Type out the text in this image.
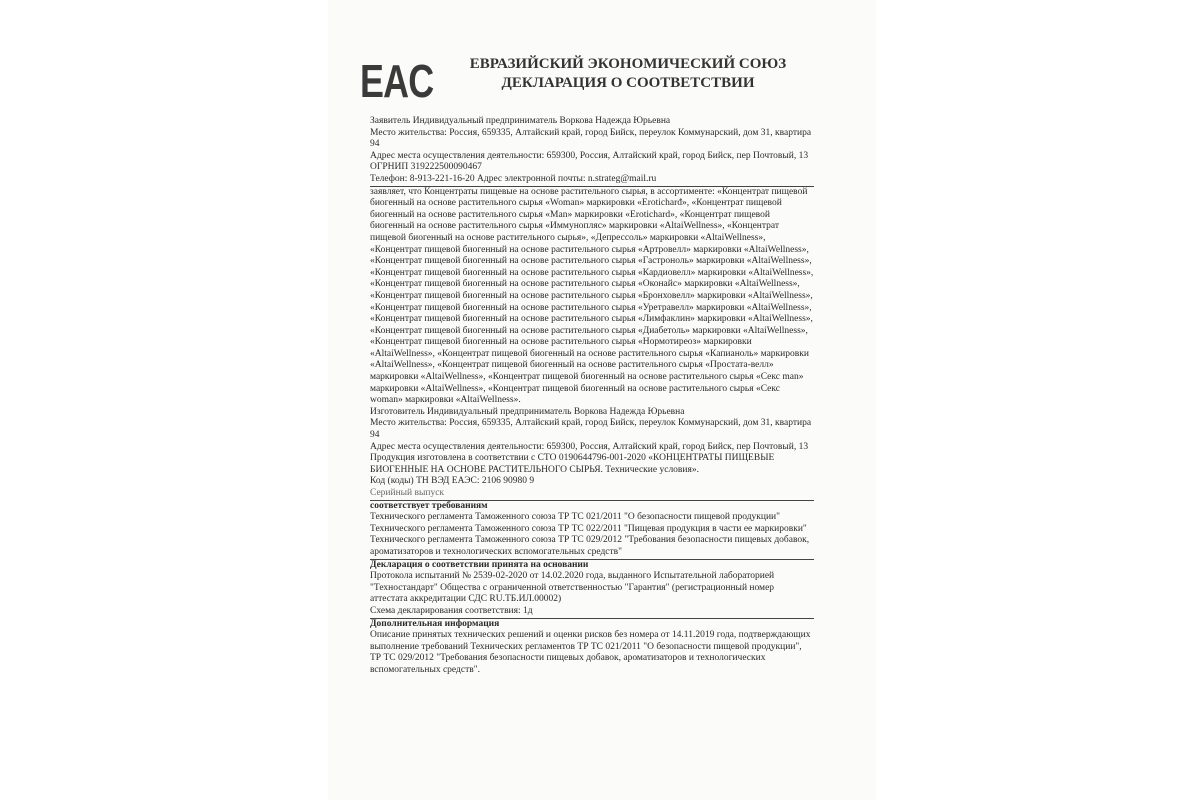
EAC	ЕВРАЗИЙСКИЙ ЭКОНОМИЧЕСКИЙ СОЮЗ
ДЕКЛАРАЦИЯ О СООТВЕТСТВИИ

Заявитель Индивидуальный предприниматель Воркова Надежда Юрьевна

Место жительства: Россия, 659335, Алтайский край, город Бийск, переулок Коммунарский, дом 31, квартира 94

Адрес места осуществления деятельности: 659300, Россия, Алтайский край, город Бийск, пер Почтовый, 13

ОГРНИП 319222500090467

Телефон: 8-913-221-16-20 Адрес электронной почты: n.strateg@mail.ru

заявляет, что Концентраты пищевые на основе растительного сырья, в ассортименте: «Концентрат пищевой биогенный на основе растительного сырья «Woman» маркировки «Eroticharđ», «Концентрат пищевой биогенный на основе растительного сырья «Man» маркировки «Erotichard», «Концентрат пищевой биогенный на основе растительного сырья «Иммунопляс» маркировки «AltaiWellness», «Концентрат пищевой биогенный на основе растительного сырья», «Депрессоль» маркировки «AltaiWellness», «Концентрат пищевой биогенный на основе растительного сырья «Артровелл» маркировки «AltaiWellness», «Концентрат пищевой биогенный на основе растительного сырья «Гастроноль» маркировки «AltaiWellness», «Концентрат пищевой биогенный на основе растительного сырья «Кардиовелл» маркировки «AltaiWellness», «Концентрат пищевой биогенный на основе растительного сырья «Оконайс» маркировки «AltaiWellness», «Концентрат пищевой биогенный на основе растительного сырья «Бронховелл» маркировки «AltaiWellness», «Концентрат пищевой биогенный на основе растительного сырья «Уретравелл» маркировки «AltaiWellness», «Концентрат пищевой биогенный на основе растительного сырья «Лимфаклин» маркировки «AltaiWellness», «Концентрат пищевой биогенный на основе растительного сырья «Диабетоль» маркировки «AltaiWellness», «Концентрат пищевой биогенный на основе растительного сырья «Нормотиреоз» маркировки «AltaiWellness», «Концентрат пищевой биогенный на основе растительного сырья «Капианоль» маркировки «AltaiWellness», «Концентрат пищевой биогенный на основе растительного сырья «Простата-велл» маркировки «AltaiWellness», «Концентрат пищевой биогенный на основе растительного сырья «Секс man» маркировки «AltaiWellness», «Концентрат пищевой биогенный на основе растительного сырья «Секс woman» маркировки «AltaiWellness».

Изготовитель Индивидуальный предприниматель Воркова Надежда Юрьевна

Место жительства: Россия, 659335, Алтайский край, город Бийск, переулок Коммунарский, дом 31, квартира 94

Адрес места осуществления деятельности: 659300, Россия, Алтайский край, город Бийск, пер Почтовый, 13

Продукция изготовлена в соответствии с СТО 0190644796-001-2020 «КОНЦЕНТРАТЫ ПИЩЕВЫЕ БИОГЕННЫЕ НА ОСНОВЕ РАСТИТЕЛЬНОГО СЫРЬЯ. Технические условия».

Код (коды) ТН ВЭД ЕАЭС: 2106 90980 9

Серийный выпуск

соответствует требованиям

Технического регламента Таможенного союза ТР ТС 021/2011 "О безопасности пищевой продукции"

Технического регламента Таможенного союза ТР ТС 022/2011 "Пищевая продукция в части ее маркировки"

Технического регламента Таможенного союза ТР ТС 029/2012 "Требования безопасности пищевых добавок, ароматизаторов и технологических вспомогательных средств"

Декларация о соответствии принята на основании

Протокола испытаний № 2539-02-2020 от 14.02.2020 года, выданного Испытательной лабораторией "Техностандарт" Общества с ограниченной ответственностью "Гарантия" (регистрационный номер аттестата аккредитации СДС RU.ТБ.ИЛ.00002)

Схема декларирования соответствия: 1д

Дополнительная информация

Описание принятых технических решений и оценки рисков без номера от 14.11.2019 года, подтверждающих выполнение требований Технических регламентов ТР ТС 021/2011 "О безопасности пищевой продукции", ТР ТС 029/2012 "Требования безопасности пищевых добавок, ароматизаторов и технологических вспомогательных средств".
